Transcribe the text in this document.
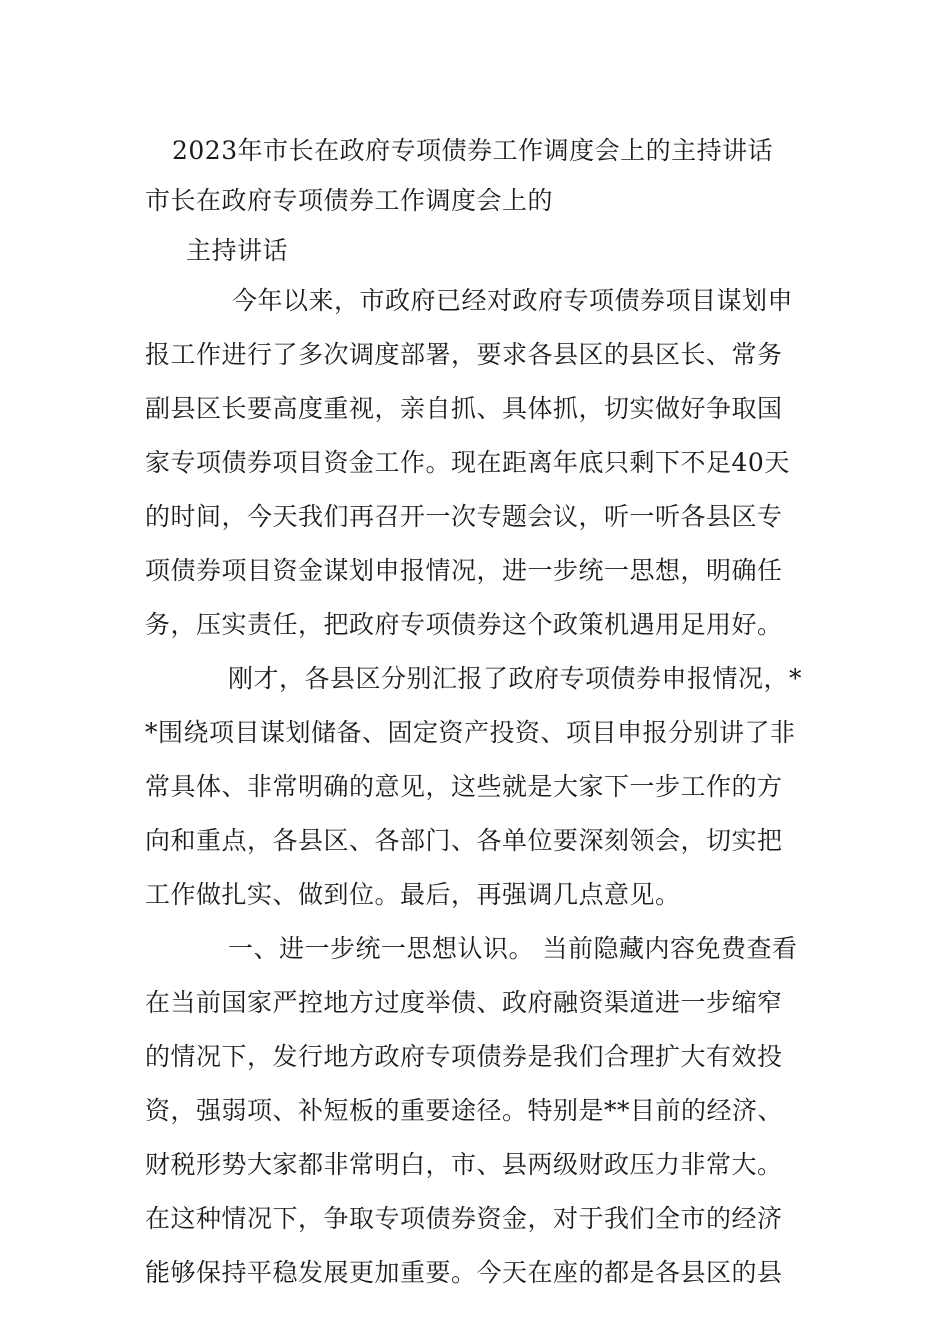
2023年市长在政府专项债券工作调度会上的主持讲话
市长在政府专项债券工作调度会上的
主持讲话
今年以来，市政府已经对政府专项债券项目谋划申
报工作进行了多次调度部署，要求各县区的县区长、常务
副县区长要高度重视，亲自抓、具体抓，切实做好争取国
家专项债券项目资金工作。现在距离年底只剩下不足40天
的时间，今天我们再召开一次专题会议，听一听各县区专
项债券项目资金谋划申报情况，进一步统一思想，明确任
务，压实责任，把政府专项债券这个政策机遇用足用好。
刚才，各县区分别汇报了政府专项债券申报情况，*
*围绕项目谋划储备、固定资产投资、项目申报分别讲了非
常具体、非常明确的意见，这些就是大家下一步工作的方
向和重点，各县区、各部门、各单位要深刻领会，切实把
工作做扎实、做到位。最后，再强调几点意见。
一、进一步统一思想认识。 当前隐藏内容免费查看
在当前国家严控地方过度举债、政府融资渠道进一步缩窄
的情况下，发行地方政府专项债券是我们合理扩大有效投
资，强弱项、补短板的重要途径。特别是**目前的经济、
财税形势大家都非常明白，市、县两级财政压力非常大。
在这种情况下，争取专项债券资金，对于我们全市的经济
能够保持平稳发展更加重要。今天在座的都是各县区的县
